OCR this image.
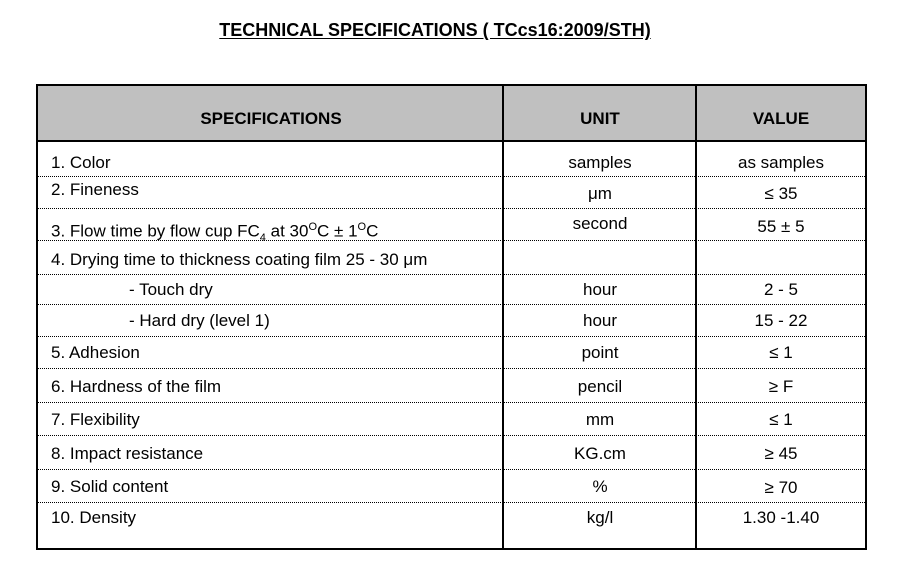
TECHNICAL SPECIFICATIONS ( TCcs16:2009/STH)
SPECIFICATIONS	UNIT	VALUE
1. Color	samples	as samples
2. Fineness	μm	≤ 35
3. Flow time by flow cup $FC_4$ at $30^OC \pm 1^OC$	second	55 ± 5
4. Drying time to thickness coating film 25 - 30 μm
- Touch dry	hour	2 - 5
- Hard dry (level 1)	hour	15 - 22
5. Adhesion	point	≤ 1
6. Hardness of the film	pencil	≥ F
7. Flexibility	mm	≤ 1
8. Impact resistance	KG.cm	≥ 45
9. Solid content	%	≥ 70
10. Density	kg/l	1.30 -1.40
